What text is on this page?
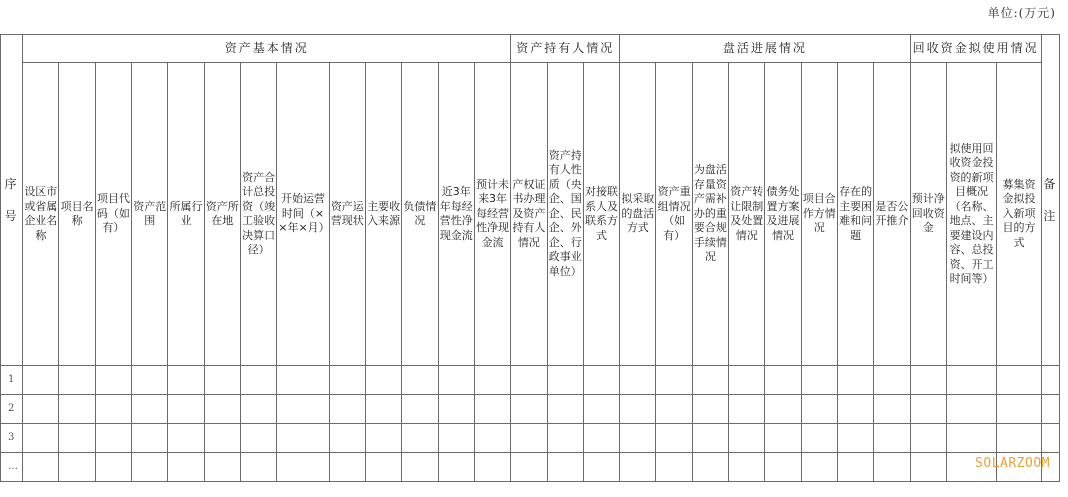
单位:(万元)
序号	资产基本情况													资产持有人情况			盘活进展情况								回收资金拟使用情况			备注
	设区市或省属企业名称	项目名称	项目代码（如有）	资产范围	所属行业	资产所在地	资产合计总投资（竣工验收决算口径）	开始运营时间（××年×月）	资产运营现状	主要收入来源	负债情况	近3年年每经营性净现金流	预计未来3年每经营性净现金流	产权证书办理及资产持有人情况	资产持有人性质（央企、国企、民企、外企、行政事业单位）	对接联系人及联系方式	拟采取的盘活方式	资产重组情况（如有）	为盘活存量资产需补办的重要合规手续情况	资产转让限制及处置情况	债务处置方案及进展情况	项目合作方情况	存在的主要困难和问题	是否公开推介	预计净回收资金	拟使用回收资金投资的新项目概况（名称、地点、主要建设内容、总投资、开工时间等）	募集资金拟投入新项目的方式	
1																												
2																												
3																												
…																													SOLARZOOM
